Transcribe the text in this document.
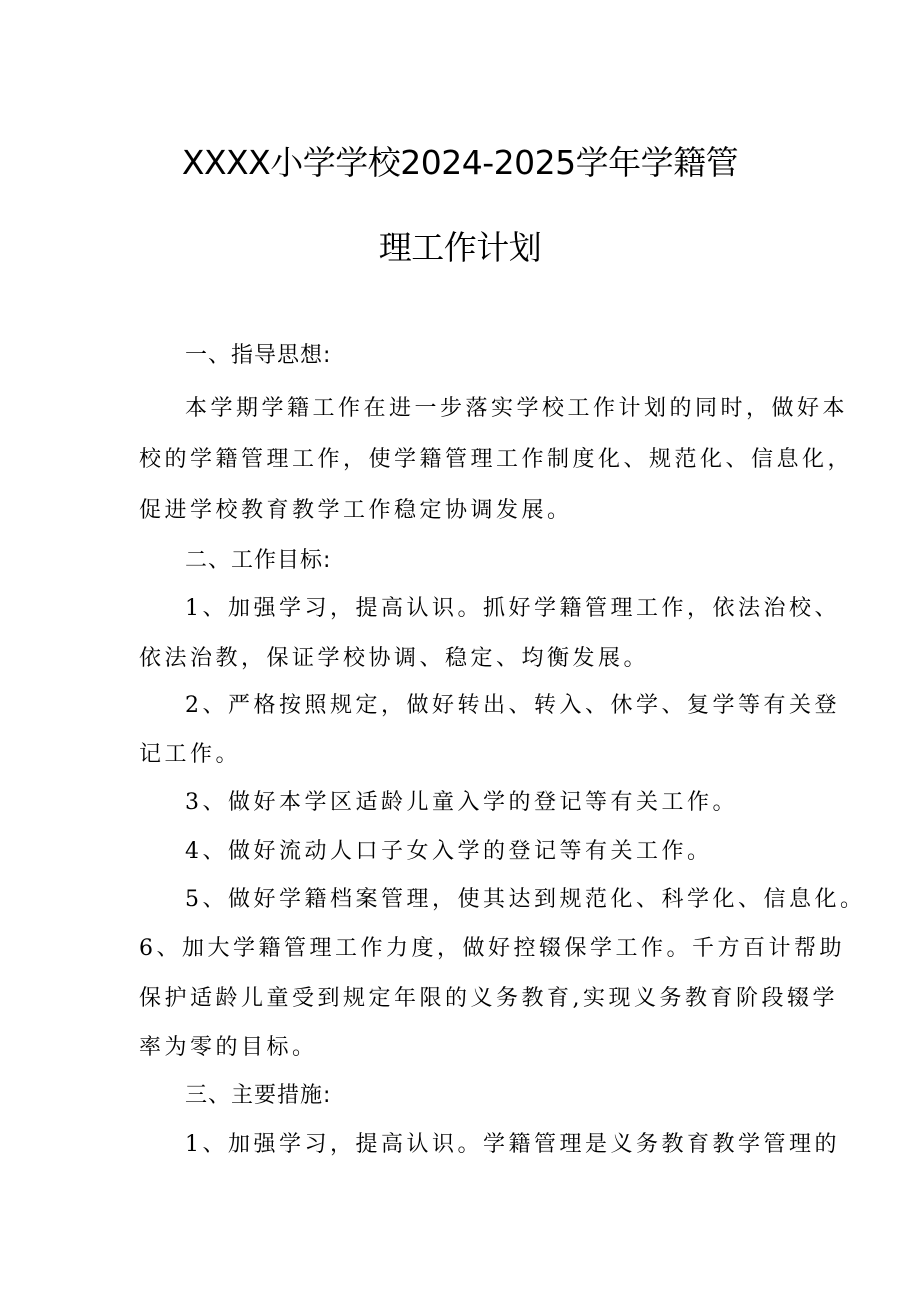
XXXX小学学校2024-2025学年学籍管
理工作计划

一、指导思想:

本学期学籍工作在进一步落实学校工作计划的同时，做好本

校的学籍管理工作，使学籍管理工作制度化、规范化、信息化，

促进学校教育教学工作稳定协调发展。

二、工作目标:

1、加强学习，提高认识。抓好学籍管理工作，依法治校、

依法治教，保证学校协调、稳定、均衡发展。

2、严格按照规定，做好转出、转入、休学、复学等有关登

记工作。

3、做好本学区适龄儿童入学的登记等有关工作。

4、做好流动人口子女入学的登记等有关工作。

5、做好学籍档案管理，使其达到规范化、科学化、信息化。

6、加大学籍管理工作力度，做好控辍保学工作。千方百计帮助

保护适龄儿童受到规定年限的义务教育,实现义务教育阶段辍学

率为零的目标。

三、主要措施:

1、加强学习，提高认识。学籍管理是义务教育教学管理的
